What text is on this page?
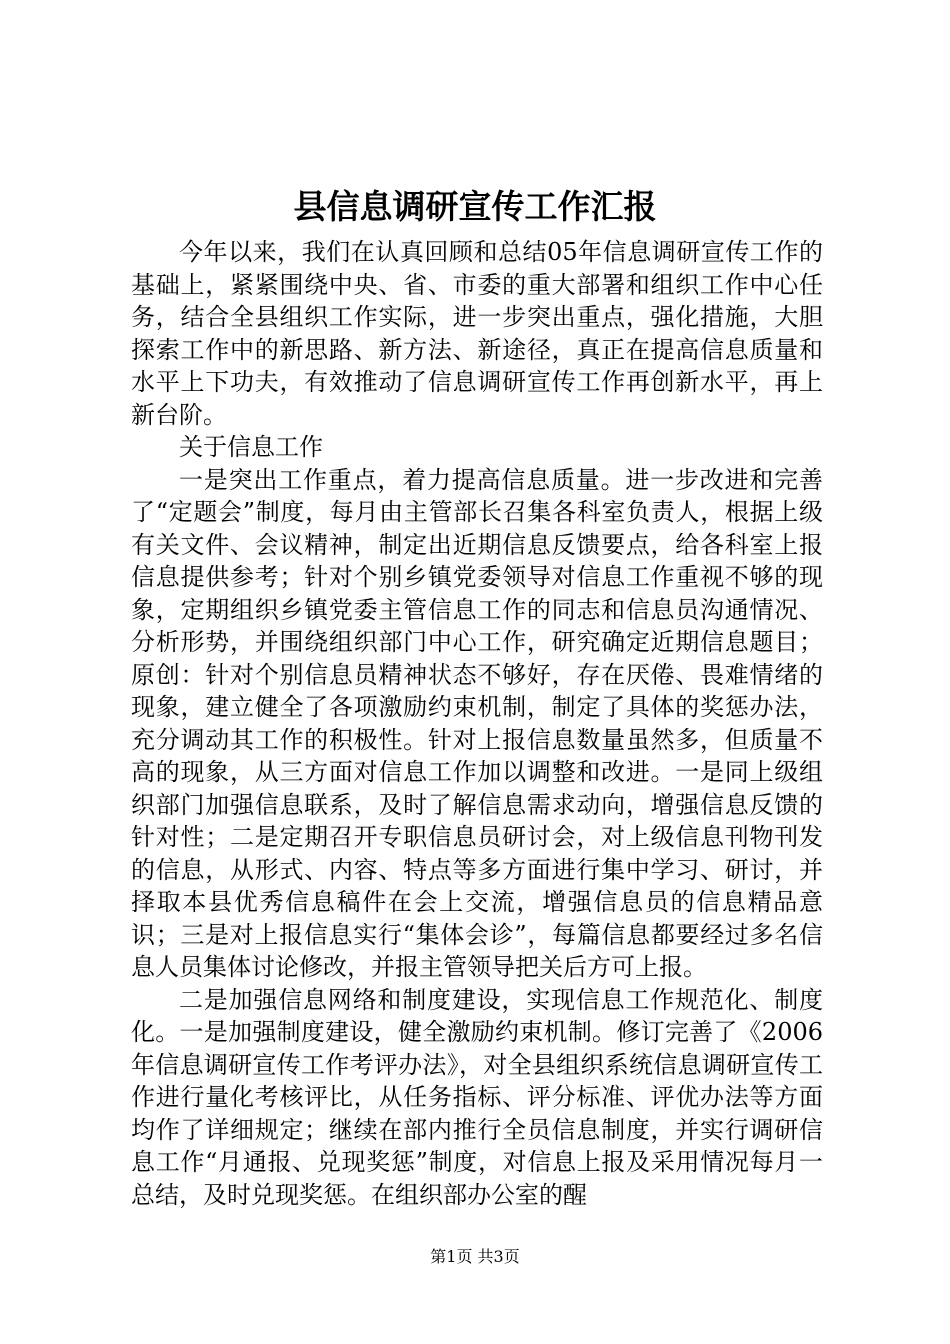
县信息调研宣传工作汇报

今年以来，我们在认真回顾和总结05年信息调研宣传工作的基础上，紧紧围绕中央、省、市委的重大部署和组织工作中心任务，结合全县组织工作实际，进一步突出重点，强化措施，大胆探索工作中的新思路、新方法、新途径，真正在提高信息质量和水平上下功夫，有效推动了信息调研宣传工作再创新水平，再上新台阶。

关于信息工作

一是突出工作重点，着力提高信息质量。进一步改进和完善了“定题会”制度，每月由主管部长召集各科室负责人，根据上级有关文件、会议精神，制定出近期信息反馈要点，给各科室上报信息提供参考；针对个别乡镇党委领导对信息工作重视不够的现象，定期组织乡镇党委主管信息工作的同志和信息员沟通情况、分析形势，并围绕组织部门中心工作，研究确定近期信息题目；原创：针对个别信息员精神状态不够好，存在厌倦、畏难情绪的现象，建立健全了各项激励约束机制，制定了具体的奖惩办法，充分调动其工作的积极性。针对上报信息数量虽然多，但质量不高的现象，从三方面对信息工作加以调整和改进。一是同上级组织部门加强信息联系，及时了解信息需求动向，增强信息反馈的针对性；二是定期召开专职信息员研讨会，对上级信息刊物刊发的信息，从形式、内容、特点等多方面进行集中学习、研讨，并择取本县优秀信息稿件在会上交流，增强信息员的信息精品意识；三是对上报信息实行“集体会诊”，每篇信息都要经过多名信息人员集体讨论修改，并报主管领导把关后方可上报。

二是加强信息网络和制度建设，实现信息工作规范化、制度化。一是加强制度建设，健全激励约束机制。修订完善了《2006年信息调研宣传工作考评办法》，对全县组织系统信息调研宣传工作进行量化考核评比，从任务指标、评分标准、评优办法等方面均作了详细规定；继续在部内推行全员信息制度，并实行调研信息工作“月通报、兑现奖惩”制度，对信息上报及采用情况每月一总结，及时兑现奖惩。在组织部办公室的醒

第1页 共3页
